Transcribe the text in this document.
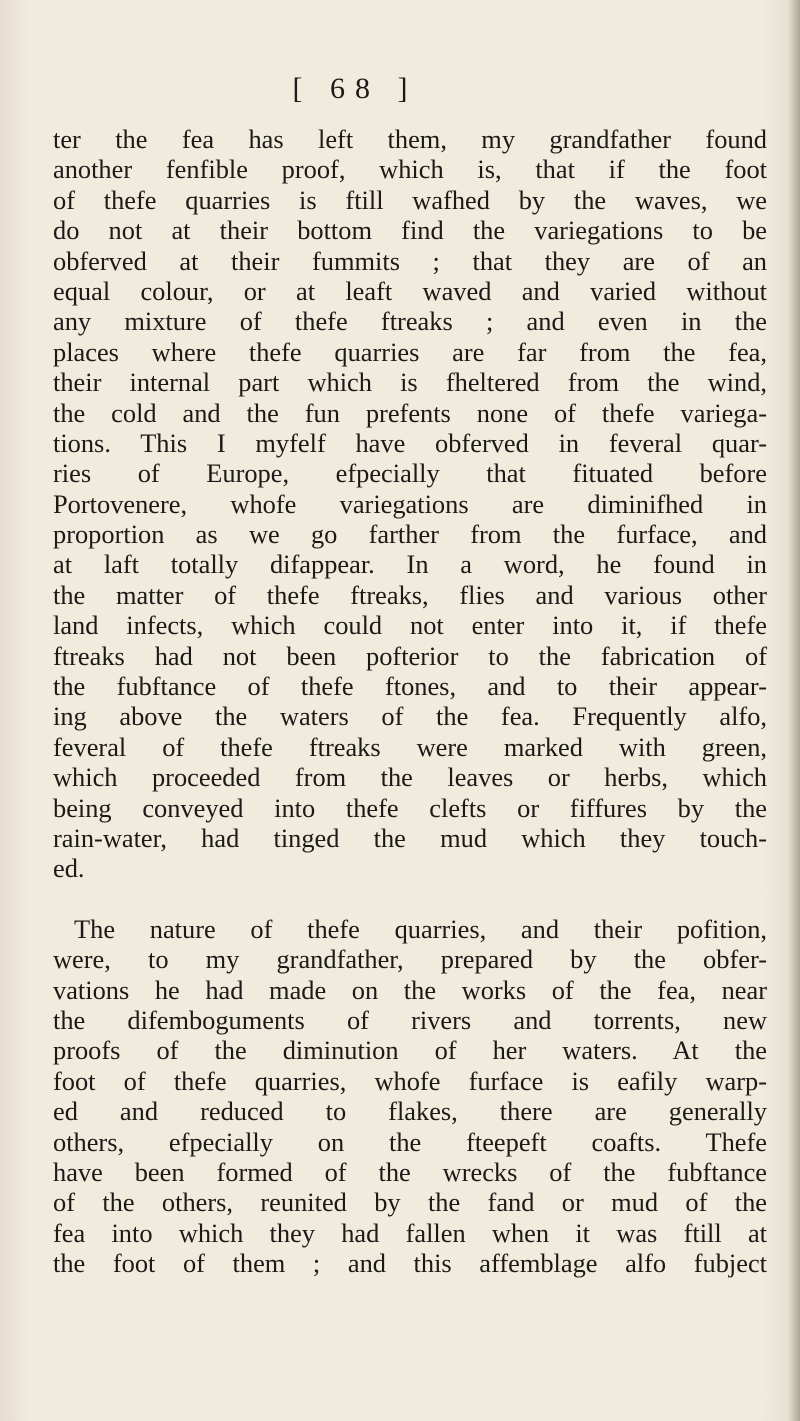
[ 68 ]
ter the fea has left them, my grandfather found
another fenfible proof, which is, that if the foot
of thefe quarries is ftill wafhed by the waves, we
do not at their bottom find the variegations to be
obferved at their fummits ; that they are of an
equal colour, or at leaft waved and varied without
any mixture of thefe ftreaks ; and even in the
places where thefe quarries are far from the fea,
their internal part which is fheltered from the wind,
the cold and the fun prefents none of thefe variega-
tions. This I myfelf have obferved in feveral quar-
ries of Europe, efpecially that fituated before
Portovenere, whofe variegations are diminifhed in
proportion as we go farther from the furface, and
at laft totally difappear. In a word, he found in
the matter of thefe ftreaks, flies and various other
land infects, which could not enter into it, if thefe
ftreaks had not been pofterior to the fabrication of
the fubftance of thefe ftones, and to their appear-
ing above the waters of the fea. Frequently alfo,
feveral of thefe ftreaks were marked with green,
which proceeded from the leaves or herbs, which
being conveyed into thefe clefts or fiffures by the
rain-water, had tinged the mud which they touch-
ed.
The nature of thefe quarries, and their pofition,
were, to my grandfather, prepared by the obfer-
vations he had made on the works of the fea, near
the difemboguments of rivers and torrents, new
proofs of the diminution of her waters. At the
foot of thefe quarries, whofe furface is eafily warp-
ed and reduced to flakes, there are generally
others, efpecially on the fteepeft coafts. Thefe
have been formed of the wrecks of the fubftance
of the others, reunited by the fand or mud of the
fea into which they had fallen when it was ftill at
the foot of them ; and this affemblage alfo fubject
